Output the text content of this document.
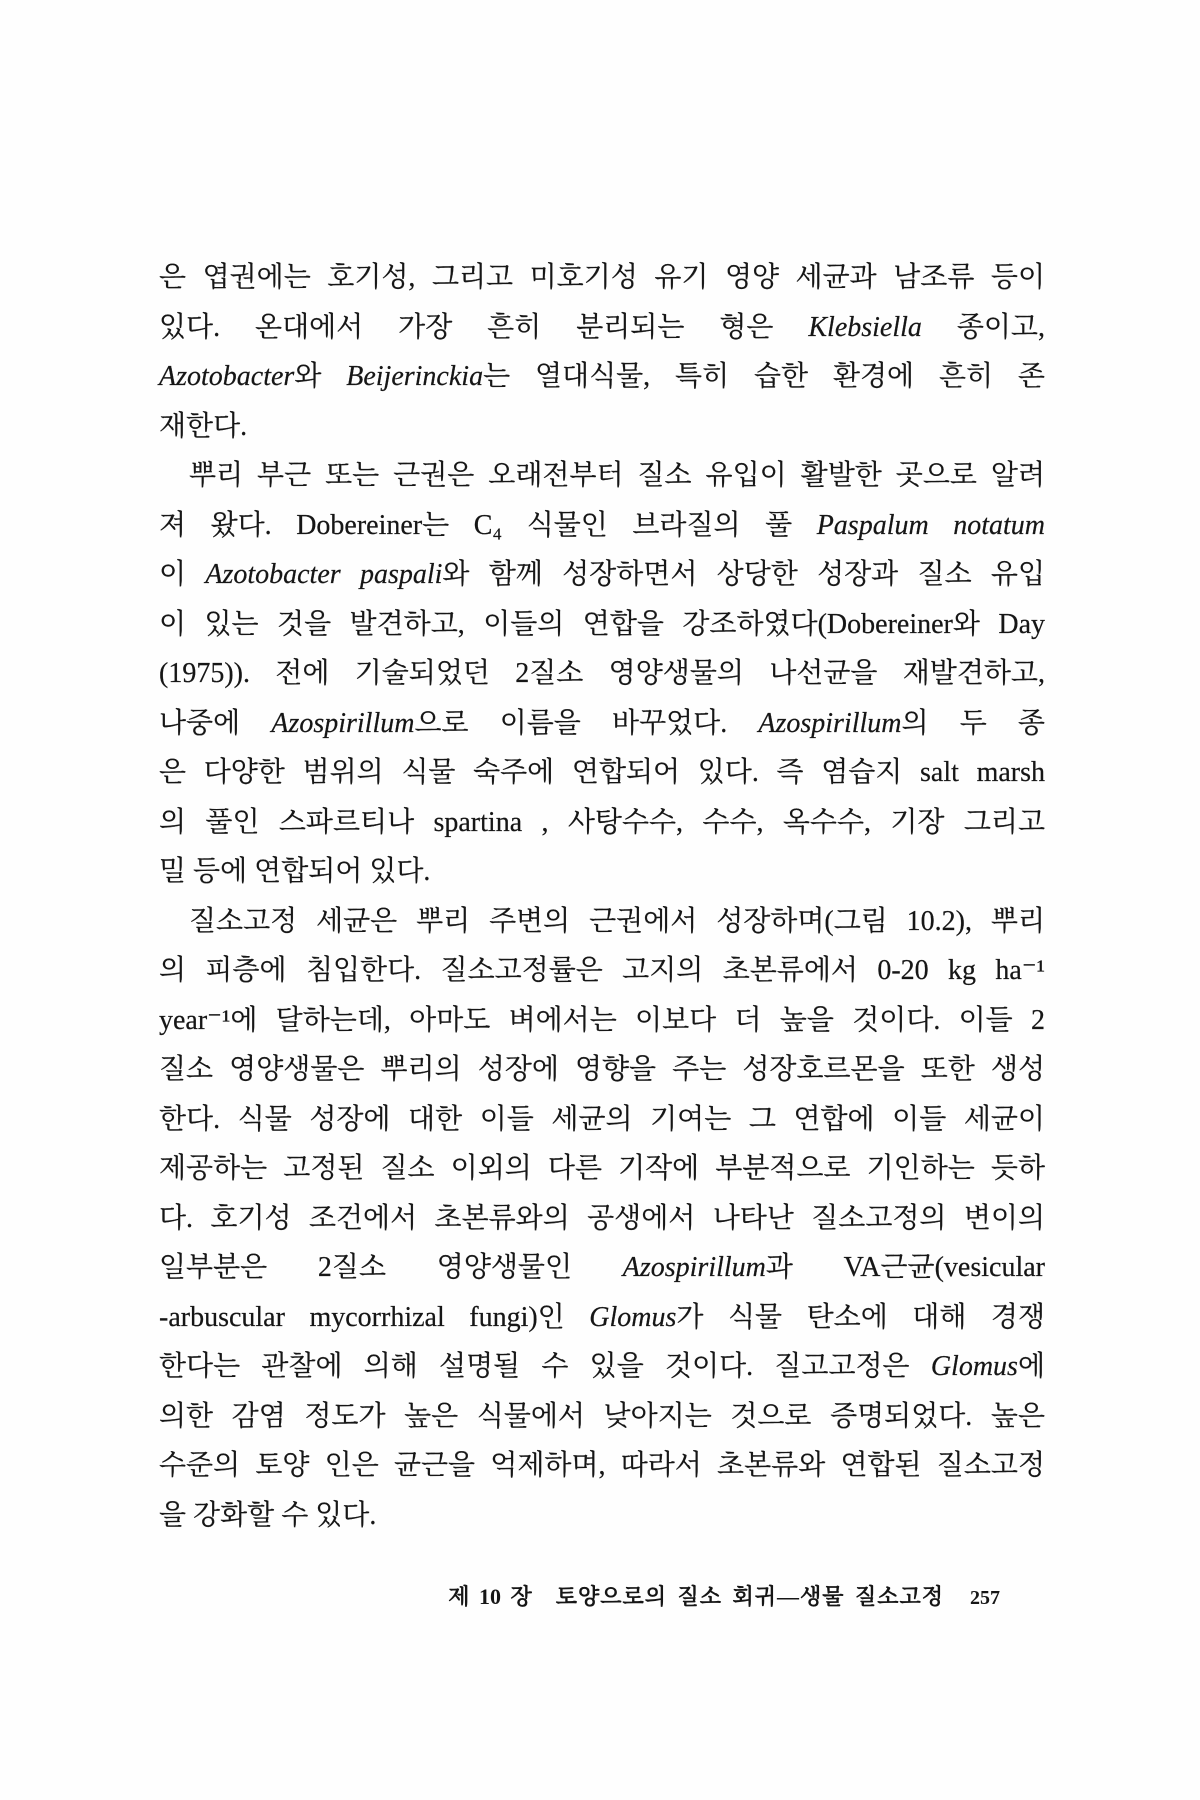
은 엽권에는 호기성, 그리고 미호기성 유기 영양 세균과 남조류 등이
있다. 온대에서 가장 흔히 분리되는 형은 Klebsiella 종이고,
Azotobacter와 Beijerinckia는 열대식물, 특히 습한 환경에 흔히 존
재한다.
뿌리 부근 또는 근권은 오래전부터 질소 유입이 활발한 곳으로 알려
져 왔다. Dobereiner는 C₄ 식물인 브라질의 풀 Paspalum notatum
이 Azotobacter paspali와 함께 성장하면서 상당한 성장과 질소 유입
이 있는 것을 발견하고, 이들의 연합을 강조하였다(Dobereiner와 Day
(1975)). 전에 기술되었던 2질소 영양생물의 나선균을 재발견하고,
나중에 Azospirillum으로 이름을 바꾸었다. Azospirillum의 두 종
은 다양한 범위의 식물 숙주에 연합되어 있다. 즉 염습지 salt marsh
의 풀인 스파르티나 spartina , 사탕수수, 수수, 옥수수, 기장 그리고
밀 등에 연합되어 있다.
질소고정 세균은 뿌리 주변의 근권에서 성장하며(그림 10.2), 뿌리
의 피층에 침입한다. 질소고정률은 고지의 초본류에서 0-20 kg ha⁻¹
year⁻¹에 달하는데, 아마도 벼에서는 이보다 더 높을 것이다. 이들 2
질소 영양생물은 뿌리의 성장에 영향을 주는 성장호르몬을 또한 생성
한다. 식물 성장에 대한 이들 세균의 기여는 그 연합에 이들 세균이
제공하는 고정된 질소 이외의 다른 기작에 부분적으로 기인하는 듯하
다. 호기성 조건에서 초본류와의 공생에서 나타난 질소고정의 변이의
일부분은 2질소 영양생물인 Azospirillum과 VA근균(vesicular
-arbuscular mycorrhizal fungi)인 Glomus가 식물 탄소에 대해 경쟁
한다는 관찰에 의해 설명될 수 있을 것이다. 질고고정은 Glomus에
의한 감염 정도가 높은 식물에서 낮아지는 것으로 증명되었다. 높은
수준의 토양 인은 균근을 억제하며, 따라서 초본류와 연합된 질소고정
을 강화할 수 있다.
제 10 장 토양으로의 질소 회귀—생물 질소고정 257
